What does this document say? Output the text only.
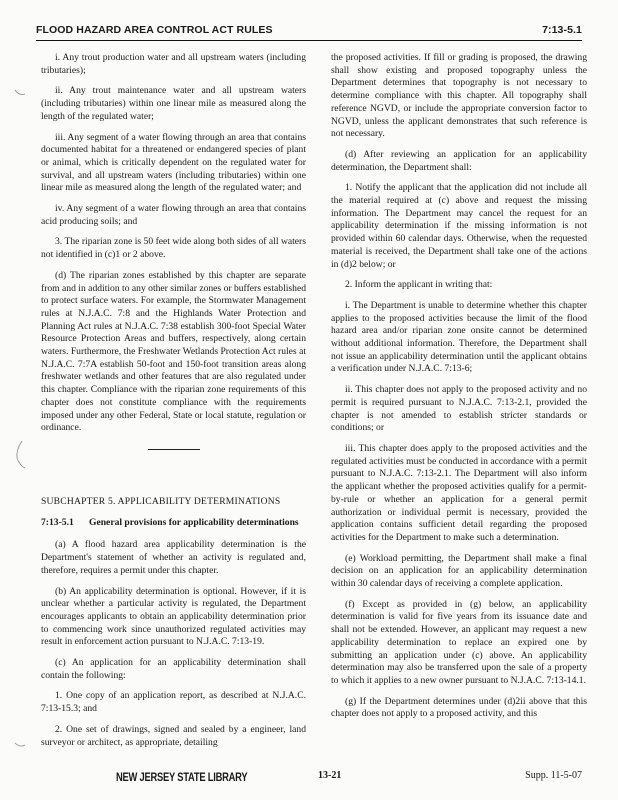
FLOOD HAZARD AREA CONTROL ACT RULES	7:13-5.1

i. Any trout production water and all upstream waters (including tributaries);

ii. Any trout maintenance water and all upstream waters (including tributaries) within one linear mile as measured along the length of the regulated water;

iii. Any segment of a water flowing through an area that contains documented habitat for a threatened or endangered species of plant or animal, which is critically dependent on the regulated water for survival, and all upstream waters (including tributaries) within one linear mile as measured along the length of the regulated water; and

iv. Any segment of a water flowing through an area that contains acid producing soils; and

3. The riparian zone is 50 feet wide along both sides of all waters not identified in (c)1 or 2 above.

(d) The riparian zones established by this chapter are separate from and in addition to any other similar zones or buffers established to protect surface waters. For example, the Stormwater Management rules at N.J.A.C. 7:8 and the Highlands Water Protection and Planning Act rules at N.J.A.C. 7:38 establish 300-foot Special Water Resource Protection Areas and buffers, respectively, along certain waters. Furthermore, the Freshwater Wetlands Protection Act rules at N.J.A.C. 7:7A establish 50-foot and 150-foot transition areas along freshwater wetlands and other features that are also regulated under this chapter. Compliance with the riparian zone requirements of this chapter does not constitute compliance with the requirements imposed under any other Federal, State or local statute, regulation or ordinance.

SUBCHAPTER 5. APPLICABILITY DETERMINATIONS

7:13-5.1	General provisions for applicability determinations

(a) A flood hazard area applicability determination is the Department's statement of whether an activity is regulated and, therefore, requires a permit under this chapter.

(b) An applicability determination is optional. However, if it is unclear whether a particular activity is regulated, the Department encourages applicants to obtain an applicability determination prior to commencing work since unauthorized regulated activities may result in enforcement action pursuant to N.J.A.C. 7:13-19.

(c) An application for an applicability determination shall contain the following:

1. One copy of an application report, as described at N.J.A.C. 7:13-15.3; and

2. One set of drawings, signed and sealed by a engineer, land surveyor or architect, as appropriate, detailing

the proposed activities. If fill or grading is proposed, the drawing shall show existing and proposed topography unless the Department determines that topography is not necessary to determine compliance with this chapter. All topography shall reference NGVD, or include the appropriate conversion factor to NGVD, unless the applicant demonstrates that such reference is not necessary.

(d) After reviewing an application for an applicability determination, the Department shall:

1. Notify the applicant that the application did not include all the material required at (c) above and request the missing information. The Department may cancel the request for an applicability determination if the missing information is not provided within 60 calendar days. Otherwise, when the requested material is received, the Department shall take one of the actions in (d)2 below; or

2. Inform the applicant in writing that:

i. The Department is unable to determine whether this chapter applies to the proposed activities because the limit of the flood hazard area and/or riparian zone onsite cannot be determined without additional information. Therefore, the Department shall not issue an applicability determination until the applicant obtains a verification under N.J.A.C. 7:13-6;

ii. This chapter does not apply to the proposed activity and no permit is required pursuant to N.J.A.C. 7:13-2.1, provided the chapter is not amended to establish stricter standards or conditions; or

iii. This chapter does apply to the proposed activities and the regulated activities must be conducted in accordance with a permit pursuant to N.J.A.C. 7:13-2.1. The Department will also inform the applicant whether the proposed activities qualify for a permit-by-rule or whether an application for a general permit authorization or individual permit is necessary, provided the application contains sufficient detail regarding the proposed activities for the Department to make such a determination.

(e) Workload permitting, the Department shall make a final decision on an application for an applicability determination within 30 calendar days of receiving a complete application.

(f) Except as provided in (g) below, an applicability determination is valid for five years from its issuance date and shall not be extended. However, an applicant may request a new applicability determination to replace an expired one by submitting an application under (c) above. An applicability determination may also be transferred upon the sale of a property to which it applies to a new owner pursuant to N.J.A.C. 7:13-14.1.

(g) If the Department determines under (d)2ii above that this chapter does not apply to a proposed activity, and this

NEW JERSEY STATE LIBRARY	13-21	Supp. 11-5-07
